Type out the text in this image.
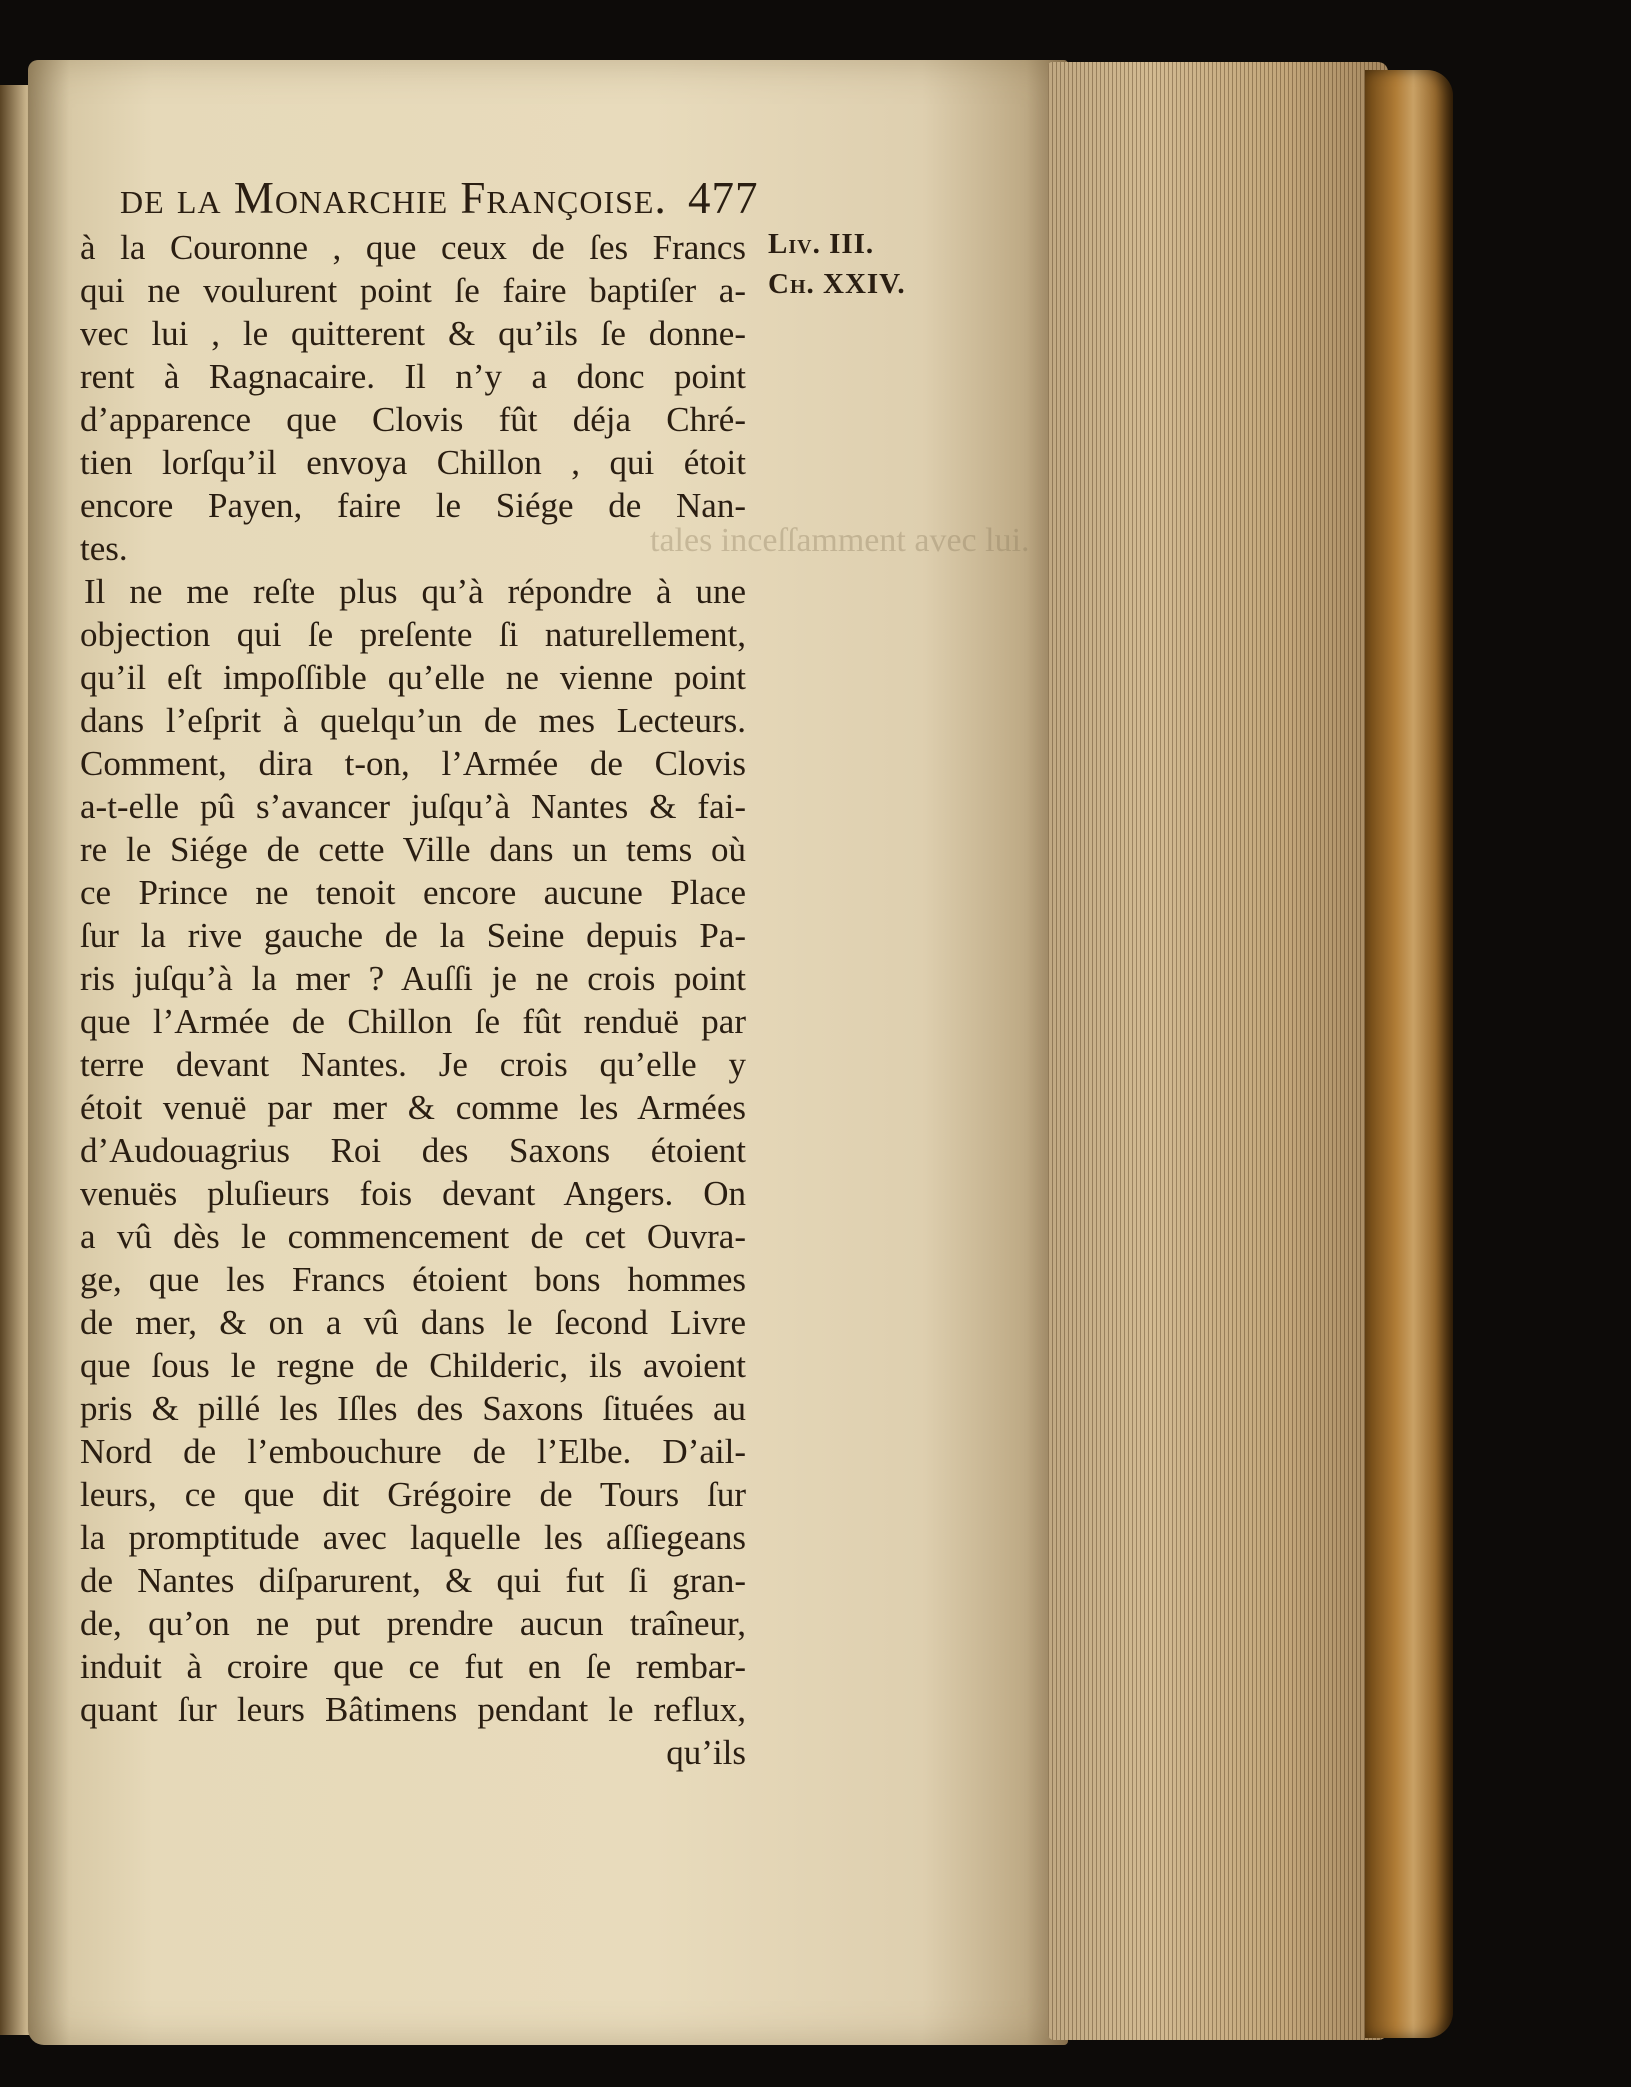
de la Monarchie Françoise. 477
Liv. III.
Ch. XXIV.
tales inceſſamment avec lui.
à la Couronne , que ceux de ſes Francs
qui ne voulurent point ſe faire baptiſer a-
vec lui , le quitterent & qu’ils ſe donne-
rent à Ragnacaire. Il n’y a donc point
d’apparence que Clovis fût déja Chré-
tien lorſqu’il envoya Chillon , qui étoit
encore Payen, faire le Siége de Nan-
tes.
Il ne me reſte plus qu’à répondre à une
objection qui ſe preſente ſi naturellement,
qu’il eſt impoſſible qu’elle ne vienne point
dans l’eſprit à quelqu’un de mes Lecteurs.
Comment, dira t-on, l’Armée de Clovis
a-t-elle pû s’avancer juſqu’à Nantes & fai-
re le Siége de cette Ville dans un tems où
ce Prince ne tenoit encore aucune Place
ſur la rive gauche de la Seine depuis Pa-
ris juſqu’à la mer ? Auſſi je ne crois point
que l’Armée de Chillon ſe fût renduë par
terre devant Nantes. Je crois qu’elle y
étoit venuë par mer & comme les Armées
d’Audouagrius Roi des Saxons étoient
venuës pluſieurs fois devant Angers. On
a vû dès le commencement de cet Ouvra-
ge, que les Francs étoient bons hommes
de mer, & on a vû dans le ſecond Livre
que ſous le regne de Childeric, ils avoient
pris & pillé les Iſles des Saxons ſituées au
Nord de l’embouchure de l’Elbe. D’ail-
leurs, ce que dit Grégoire de Tours ſur
la promptitude avec laquelle les aſſiegeans
de Nantes diſparurent, & qui fut ſi gran-
de, qu’on ne put prendre aucun traîneur,
induit à croire que ce fut en ſe rembar-
quant ſur leurs Bâtimens pendant le reflux,
qu’ils
